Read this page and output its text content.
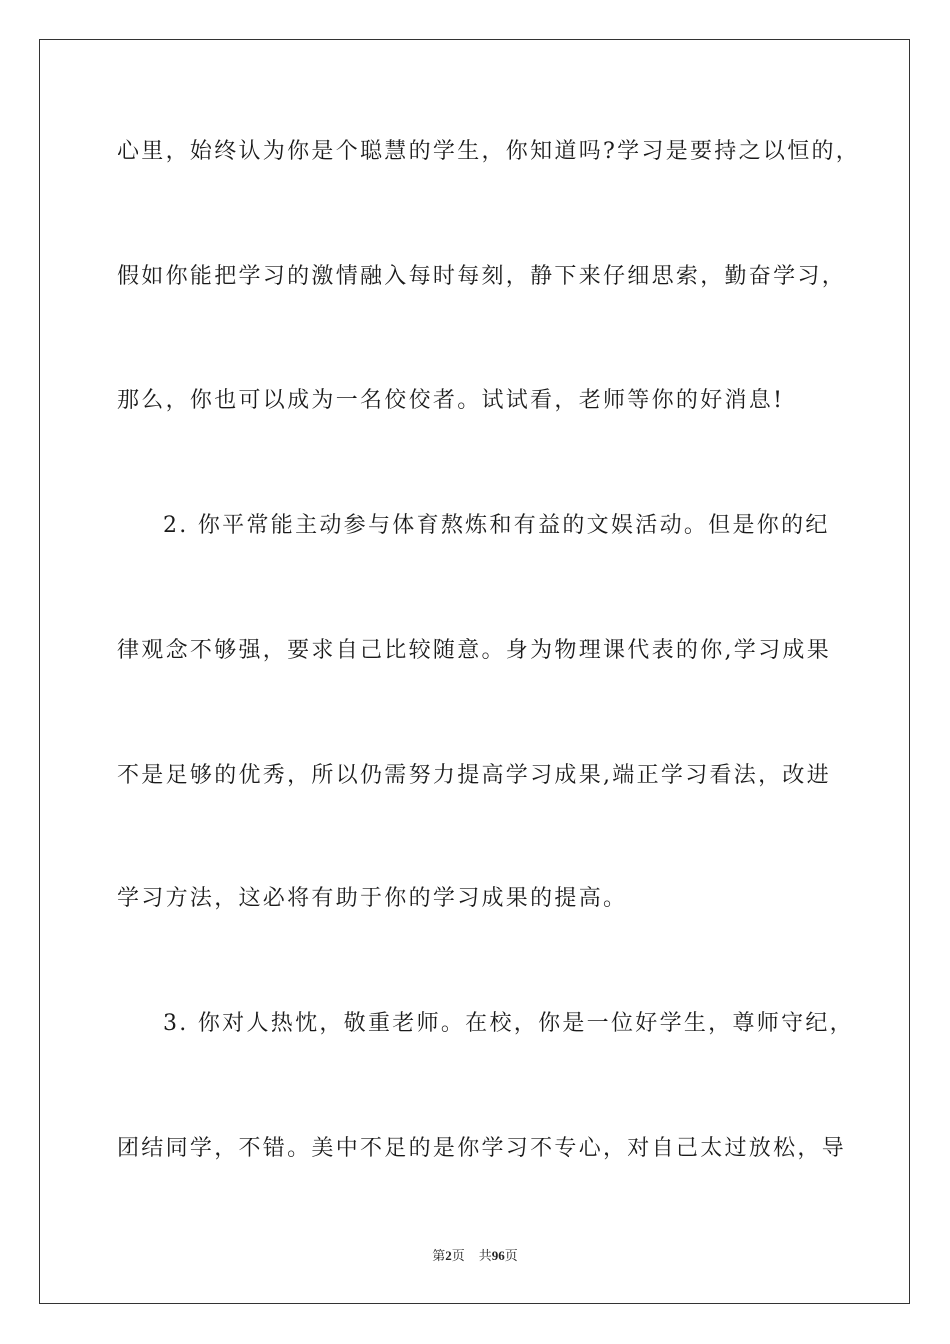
心里，始终认为你是个聪慧的学生，你知道吗?学习是要持之以恒的，
假如你能把学习的激情融入每时每刻，静下来仔细思索，勤奋学习，
那么，你也可以成为一名佼佼者。试试看，老师等你的好消息!
2. 你平常能主动参与体育熬炼和有益的文娱活动。但是你的纪
律观念不够强，要求自己比较随意。身为物理课代表的你,学习成果
不是足够的优秀，所以仍需努力提高学习成果,端正学习看法，改进
学习方法，这必将有助于你的学习成果的提高。
3. 你对人热忱，敬重老师。在校，你是一位好学生，尊师守纪，
团结同学，不错。美中不足的是你学习不专心，对自己太过放松，导
第2页 共96页
